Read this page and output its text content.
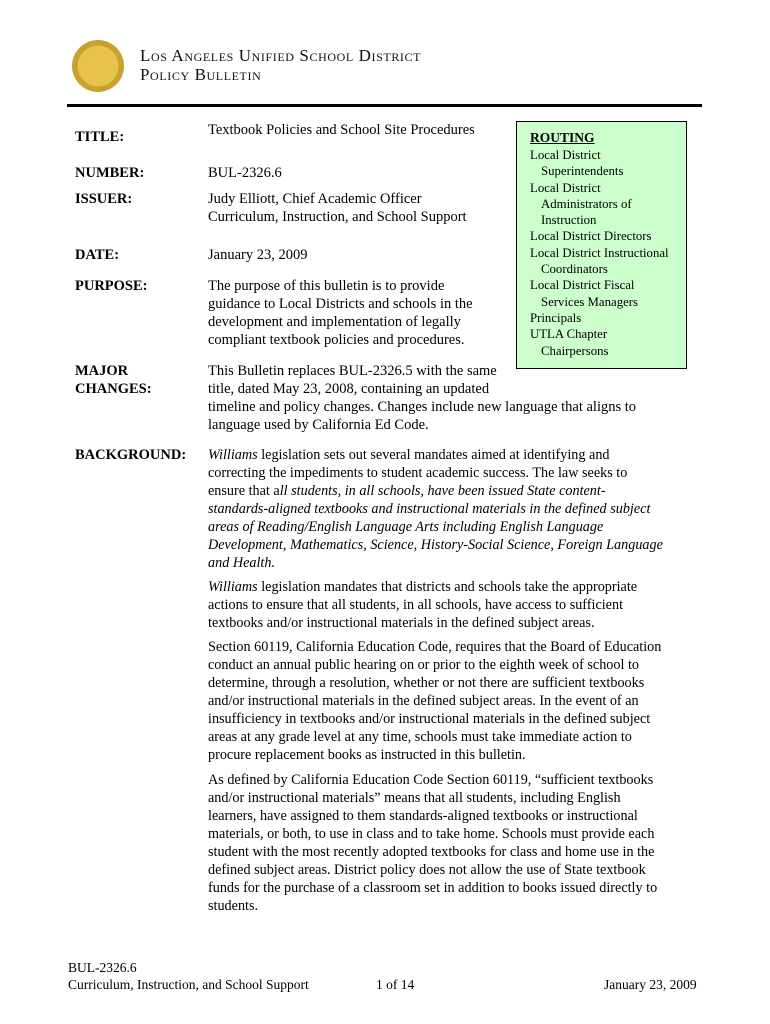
Los Angeles Unified School District
Policy Bulletin
TITLE:	Textbook Policies and School Site Procedures
NUMBER:	BUL-2326.6
ISSUER:	Judy Elliott, Chief Academic Officer
Curriculum, Instruction, and School Support
DATE:	January 23, 2009
PURPOSE:	The purpose of this bulletin is to provide
guidance to Local Districts and schools in the
development and implementation of legally
compliant textbook policies and procedures.
MAJOR
CHANGES:
This Bulletin replaces BUL-2326.5 with the same
title, dated May 23, 2008, containing an updated
timeline and policy changes. Changes include new language that aligns to
language used by California Ed Code.
ROUTING
Local District
Superintendents
Local District
Administrators of
Instruction
Local District Directors
Local District Instructional
Coordinators
Local District Fiscal
Services Managers
Principals
UTLA Chapter
Chairpersons
BACKGROUND: Williams legislation sets out several mandates aimed at identifying and
correcting the impediments to student academic success. The law seeks to
ensure that all students, in all schools, have been issued State content-
standards-aligned textbooks and instructional materials in the defined subject
areas of Reading/English Language Arts including English Language
Development, Mathematics, Science, History-Social Science, Foreign Language
and Health.
Williams legislation mandates that districts and schools take the appropriate
actions to ensure that all students, in all schools, have access to sufficient
textbooks and/or instructional materials in the defined subject areas.
Section 60119, California Education Code, requires that the Board of Education
conduct an annual public hearing on or prior to the eighth week of school to
determine, through a resolution, whether or not there are sufficient textbooks
and/or instructional materials in the defined subject areas. In the event of an
insufficiency in textbooks and/or instructional materials in the defined subject
areas at any grade level at any time, schools must take immediate action to
procure replacement books as instructed in this bulletin.
As defined by California Education Code Section 60119, “sufficient textbooks
and/or instructional materials” means that all students, including English
learners, have assigned to them standards-aligned textbooks or instructional
materials, or both, to use in class and to take home. Schools must provide each
student with the most recently adopted textbooks for class and home use in the
defined subject areas. District policy does not allow the use of State textbook
funds for the purchase of a classroom set in addition to books issued directly to
students.
BUL-2326.6
Curriculum, Instruction, and School Support	1 of 14	January 23, 2009
